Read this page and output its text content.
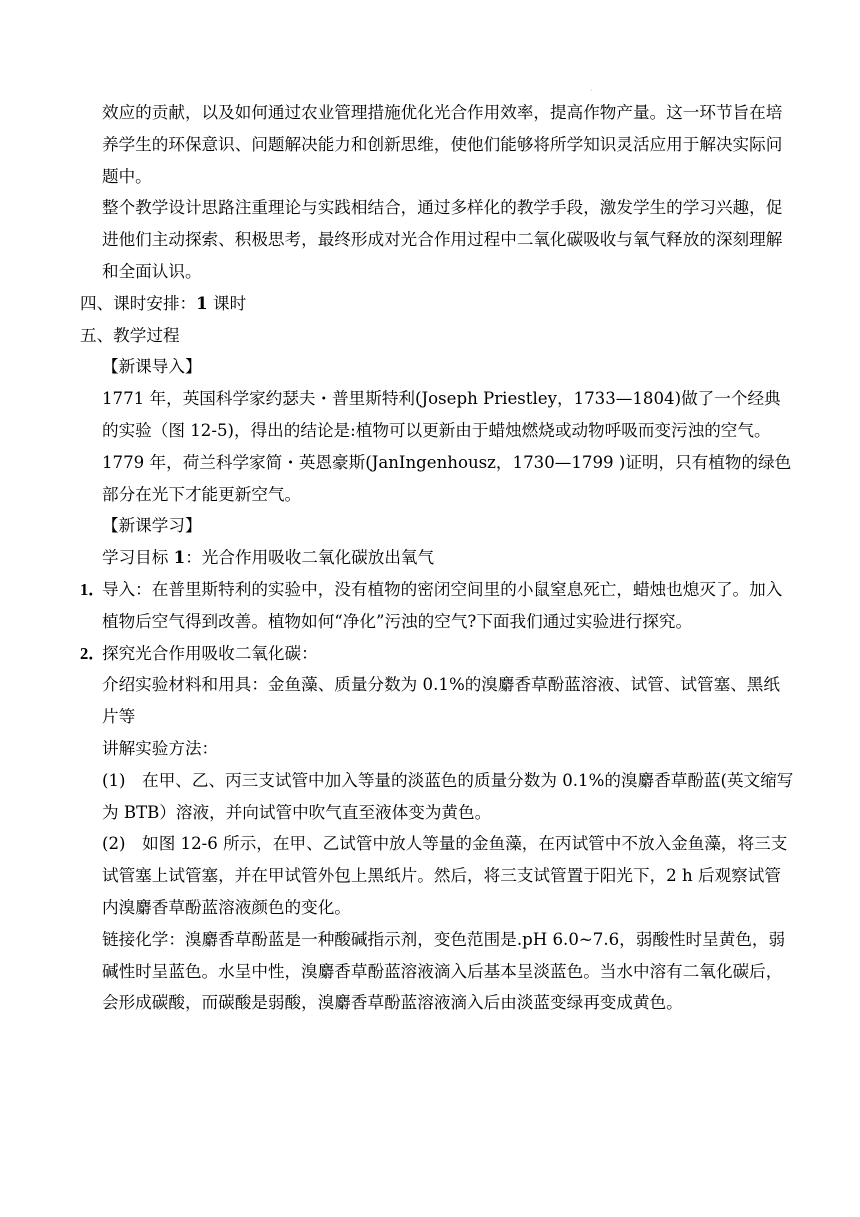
·

效应的贡献，以及如何通过农业管理措施优化光合作用效率，提高作物产量。这一环节旨在培养学生的环保意识、问题解决能力和创新思维，使他们能够将所学知识灵活应用于解决实际问题中。

整个教学设计思路注重理论与实践相结合，通过多样化的教学手段，激发学生的学习兴趣，促进他们主动探索、积极思考，最终形成对光合作用过程中二氧化碳吸收与氧气释放的深刻理解和全面认识。

四、课时安排：1 课时

五、教学过程

【新课导入】

1771 年，英国科学家约瑟夫・普里斯特利(Joseph Priestley，1733—1804)做了一个经典的实验（图 12-5)，得出的结论是:植物可以更新由于蜡烛燃烧或动物呼吸而变污浊的空气。1779 年，荷兰科学家简・英恩豪斯(JanIngenhousz，1730—1799 )证明，只有植物的绿色部分在光下才能更新空气。

【新课学习】

学习目标 1：光合作用吸收二氧化碳放出氧气

1．
导入：在普里斯特利的实验中，没有植物的密闭空间里的小鼠窒息死亡，蜡烛也熄灭了。加入植物后空气得到改善。植物如何“净化”污浊的空气?下面我们通过实验进行探究。

2．
探究光合作用吸收二氧化碳：

介绍实验材料和用具：金鱼藻、质量分数为 0.1%的溴麝香草酚蓝溶液、试管、试管塞、黑纸片等

讲解实验方法：

(1)　在甲、乙、丙三支试管中加入等量的淡蓝色的质量分数为 0.1%的溴麝香草酚蓝(英文缩写为 BTB）溶液，并向试管中吹气直至液体变为黄色。

(2)　如图 12-6 所示，在甲、乙试管中放人等量的金鱼藻，在丙试管中不放入金鱼藻，将三支试管塞上试管塞，并在甲试管外包上黑纸片。然后，将三支试管置于阳光下，2 h 后观察试管内溴麝香草酚蓝溶液颜色的变化。

链接化学：溴麝香草酚蓝是一种酸碱指示剂，变色范围是.pH 6.0~7.6，弱酸性时呈黄色，弱碱性时呈蓝色。水呈中性，溴麝香草酚蓝溶液滴入后基本呈淡蓝色。当水中溶有二氧化碳后，会形成碳酸，而碳酸是弱酸，溴麝香草酚蓝溶液滴入后由淡蓝变绿再变成黄色。
